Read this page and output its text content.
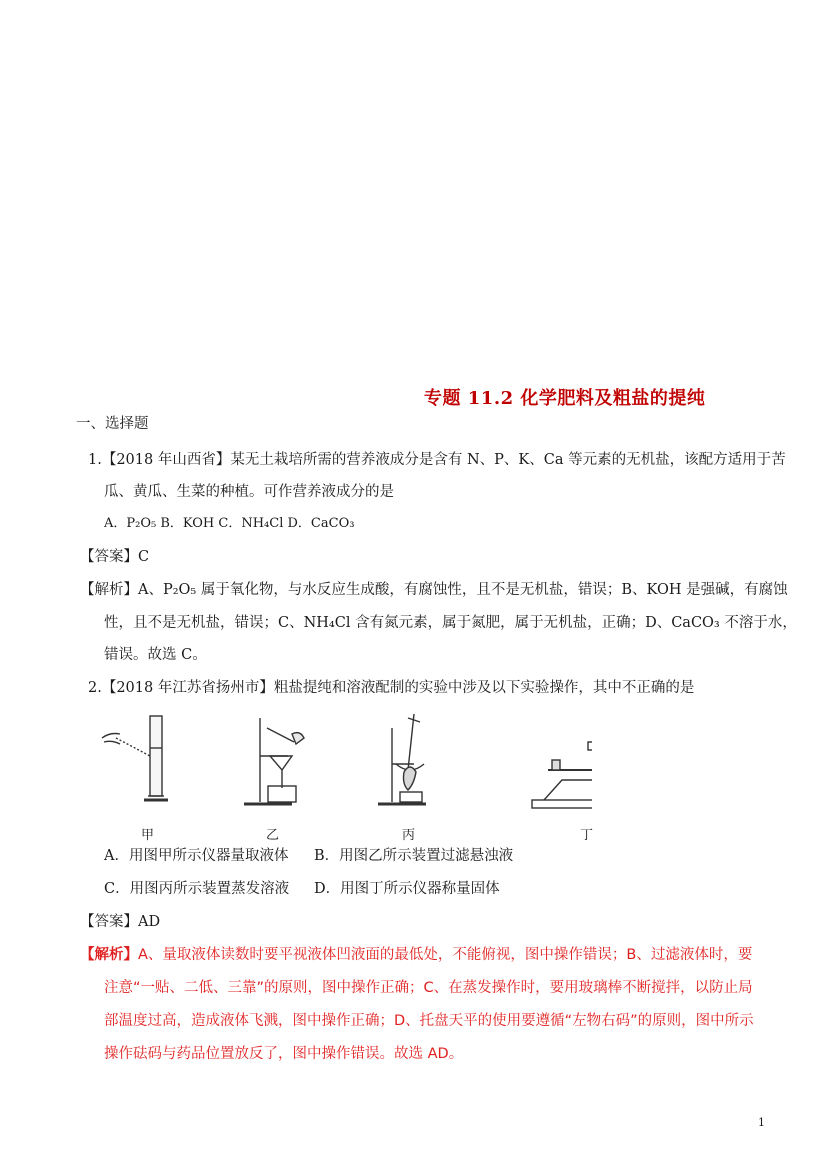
专题 11.2 化学肥料及粗盐的提纯
一、选择题
1.【2018 年山西省】某无土栽培所需的营养液成分是含有 N、P、K、Ca 等元素的无机盐，该配方适用于苦
瓜、黄瓜、生菜的种植。可作营养液成分的是
A．P₂O₅ B．KOH C．NH₄Cl D．CaCO₃
【答案】C
【解析】A、P₂O₅ 属于氧化物，与水反应生成酸，有腐蚀性，且不是无机盐，错误；B、KOH 是强碱，有腐蚀
性，且不是无机盐，错误；C、NH₄Cl 含有氮元素，属于氮肥，属于无机盐，正确；D、CaCO₃ 不溶于水，
错误。故选 C。
2.【2018 年江苏省扬州市】粗盐提纯和溶液配制的实验中涉及以下实验操作，其中不正确的是
甲	乙	丙	丁
A．用图甲所示仪器量取液体 B．用图乙所示装置过滤悬浊液
C．用图丙所示装置蒸发溶液 D．用图丁所示仪器称量固体
【答案】AD
【解析】A、量取液体读数时要平视液体凹液面的最低处，不能俯视，图中操作错误；B、过滤液体时，要
注意“一贴、二低、三靠”的原则，图中操作正确；C、在蒸发操作时，要用玻璃棒不断搅拌，以防止局
部温度过高，造成液体飞溅，图中操作正确；D、托盘天平的使用要遵循“左物右码”的原则，图中所示
操作砝码与药品位置放反了，图中操作错误。故选 AD。
1
